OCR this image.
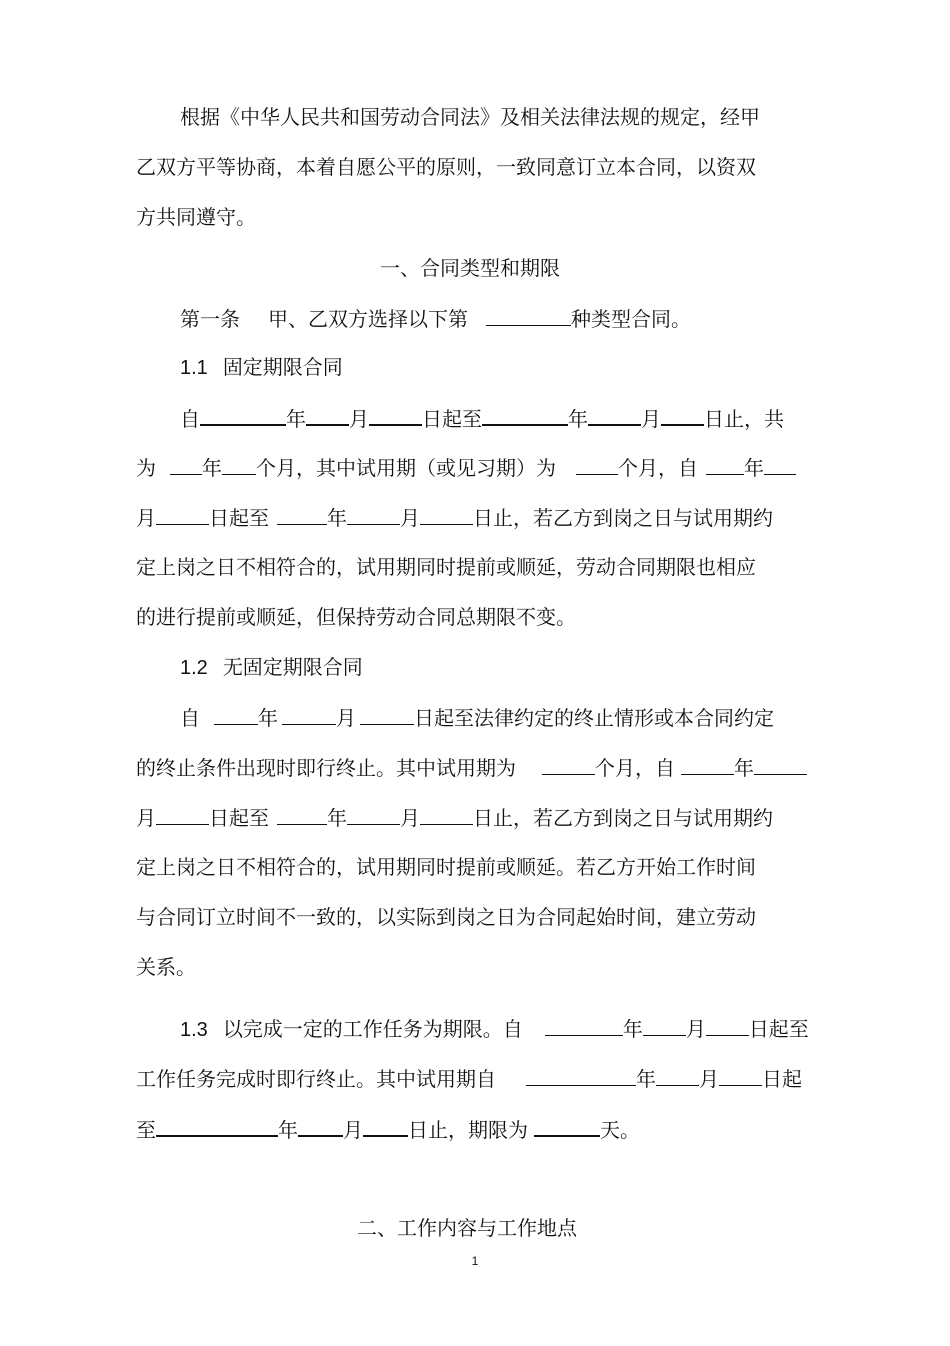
根据《中华人民共和国劳动合同法》及相关法律法规的规定，经甲
乙双方平等协商，本着自愿公平的原则，一致同意订立本合同，以资双
方共同遵守。
一、合同类型和期限
第一条 甲、乙双方选择以下第	种类型合同。
1.1 固定期限合同
自	年 月	日起至	年	月 日止，共
为 年 个月，其中试用期（或见习期）为	个月，自 年
月	日起至	年	月	日止，若乙方到岗之日与试用期约
定上岗之日不相符合的，试用期同时提前或顺延，劳动合同期限也相应
的进行提前或顺延，但保持劳动合同总期限不变。
1.2 无固定期限合同
自	年	月	日起至法律约定的终止情形或本合同约定
的终止条件出现时即行终止。其中试用期为	个月，自	年
月	日起至	年	月	日止，若乙方到岗之日与试用期约
定上岗之日不相符合的，试用期同时提前或顺延。若乙方开始工作时间
与合同订立时间不一致的，以实际到岗之日为合同起始时间，建立劳动
关系。
1.3 以完成一定的工作任务为期限。自	年 月 日起至
工作任务完成时即行终止。其中试用期自	年 月 日起
至	年 月 日止，期限为	天。
二、工作内容与工作地点
1
